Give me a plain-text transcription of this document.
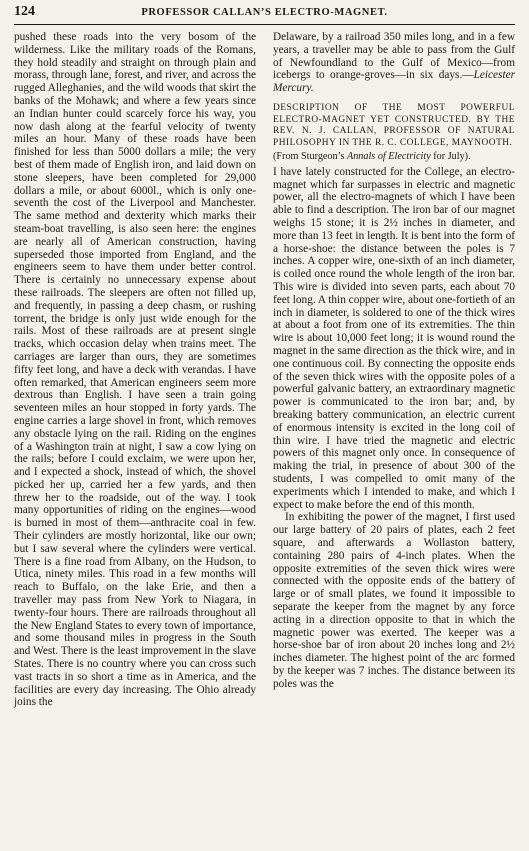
124	PROFESSOR CALLAN’S ELECTRO-MAGNET.

pushed these roads into the very bosom of the wilderness. Like the military roads of the Romans, they hold steadily and straight on through plain and morass, through lane, forest, and river, and across the rugged Alleghanies, and the wild woods that skirt the banks of the Mohawk; and where a few years since an Indian hunter could scarcely force his way, you now dash along at the fearful velocity of twenty miles an hour. Many of these roads have been finished for less than 5000 dollars a mile; the very best of them made of English iron, and laid down on stone sleepers, have been completed for 29,000 dollars a mile, or about 6000l., which is only one-seventh the cost of the Liverpool and Manchester. The same method and dexterity which marks their steam-boat travelling, is also seen here: the engines are nearly all of American construction, having superseded those imported from England, and the engineers seem to have them under better control. There is certainly no unnecessary expense about these railroads. The sleepers are often not filled up, and frequently, in passing a deep chasm, or rushing torrent, the bridge is only just wide enough for the rails. Most of these railroads are at present single tracks, which occasion delay when trains meet. The carriages are larger than ours, they are sometimes fifty feet long, and have a deck with verandas. I have often remarked, that American engineers seem more dextrous than English. I have seen a train going seventeen miles an hour stopped in forty yards. The engine carries a large shovel in front, which removes any obstacle lying on the rail. Riding on the engines of a Washington train at night, I saw a cow lying on the rails; before I could exclaim, we were upon her, and I expected a shock, instead of which, the shovel picked her up, carried her a few yards, and then threw her to the roadside, out of the way. I took many opportunities of riding on the engines—wood is burned in most of them—anthracite coal in few. Their cylinders are mostly horizontal, like our own; but I saw several where the cylinders were vertical. There is a fine road from Albany, on the Hudson, to Utica, ninety miles. This road in a few months will reach to Buffalo, on the lake Erie, and then a traveller may pass from New York to Niagara, in twenty-four hours. There are railroads throughout all the New England States to every town of importance, and some thousand miles in progress in the South and West. There is the least improvement in the slave States. There is no country where you can cross such vast tracts in so short a time as in America, and the facilities are every day increasing. The Ohio already joins the

Delaware, by a railroad 350 miles long, and in a few years, a traveller may be able to pass from the Gulf of Newfoundland to the Gulf of Mexico—from icebergs to orange-groves—in six days.—Leicester Mercury.

DESCRIPTION OF THE MOST POWERFUL ELECTRO-MAGNET YET CONSTRUCTED. BY THE REV. N. J. CALLAN, PROFESSOR OF NATURAL PHILOSOPHY IN THE R. C. COLLEGE, MAYNOOTH.
(From Sturgeon’s Annals of Electricity for July).

I have lately constructed for the College, an electro-magnet which far surpasses in electric and magnetic power, all the electro-magnets of which I have been able to find a description. The iron bar of our magnet weighs 15 stone; it is 2½ inches in diameter, and more than 13 feet in length. It is bent into the form of a horse-shoe: the distance between the poles is 7 inches. A copper wire, one-sixth of an inch diameter, is coiled once round the whole length of the iron bar. This wire is divided into seven parts, each about 70 feet long. A thin copper wire, about one-fortieth of an inch in diameter, is soldered to one of the thick wires at about a foot from one of its extremities. The thin wire is about 10,000 feet long; it is wound round the magnet in the same direction as the thick wire, and in one continuous coil. By connecting the opposite ends of the seven thick wires with the opposite poles of a powerful galvanic battery, an extraordinary magnetic power is communicated to the iron bar; and, by breaking battery communication, an electric current of enormous intensity is excited in the long coil of thin wire. I have tried the magnetic and electric powers of this magnet only once. In consequence of making the trial, in presence of about 300 of the students, I was compelled to omit many of the experiments which I intended to make, and which I expect to make before the end of this month.

In exhibiting the power of the magnet, I first used our large battery of 20 pairs of plates, each 2 feet square, and afterwards a Wollaston battery, containing 280 pairs of 4-inch plates. When the opposite extremities of the seven thick wires were connected with the opposite ends of the battery of large or of small plates, we found it impossible to separate the keeper from the magnet by any force acting in a direction opposite to that in which the magnetic power was exerted. The keeper was a horse-shoe bar of iron about 20 inches long and 2½ inches diameter. The highest point of the arc formed by the keeper was 7 inches. The distance between its poles was the
